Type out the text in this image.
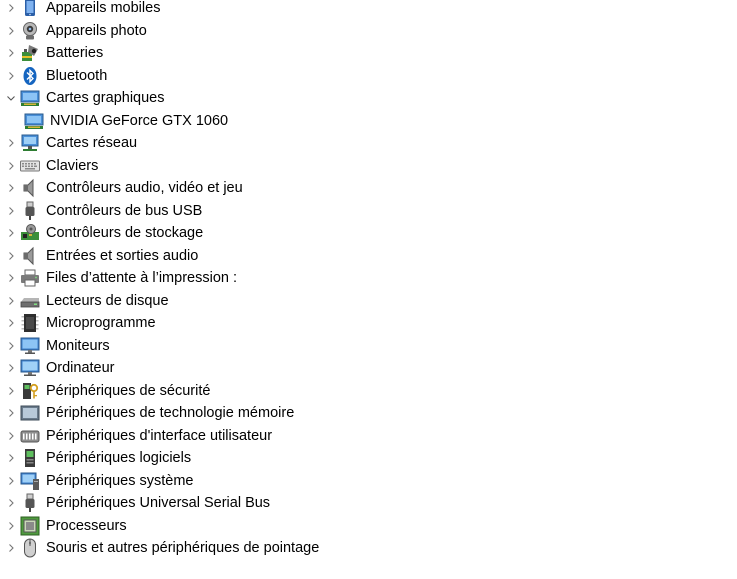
Appareils mobiles
Appareils photo
Batteries
Bluetooth
Cartes graphiques
NVIDIA GeForce GTX 1060
Cartes réseau
Claviers
Contrôleurs audio, vidéo et jeu
Contrôleurs de bus USB
Contrôleurs de stockage
Entrées et sorties audio
Files d’attente à l’impression :
Lecteurs de disque
Microprogramme
Moniteurs
Ordinateur
Périphériques de sécurité
Périphériques de technologie mémoire
Périphériques d'interface utilisateur
Périphériques logiciels
Périphériques système
Périphériques Universal Serial Bus
Processeurs
Souris et autres périphériques de pointage
